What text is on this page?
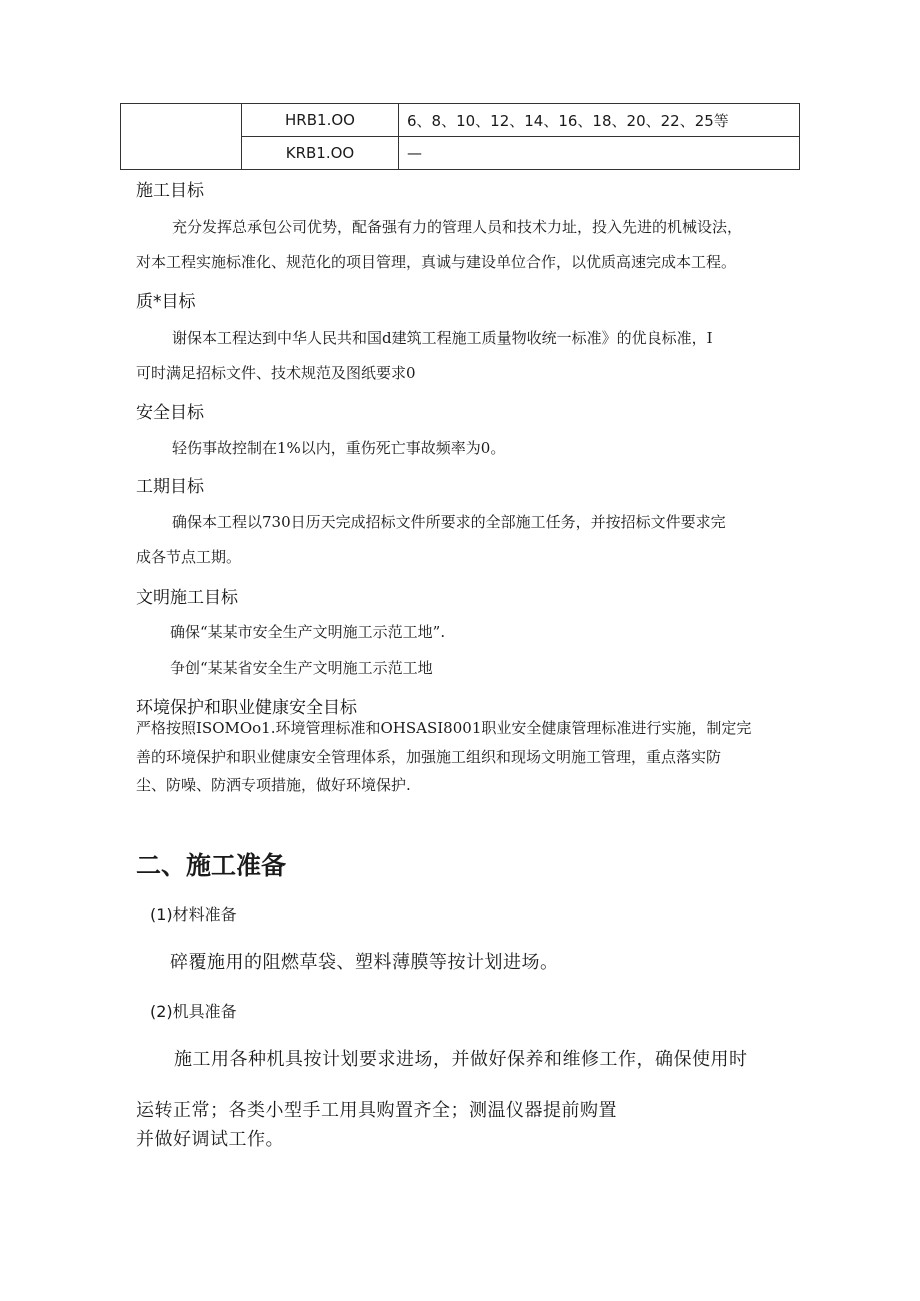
	HRB1.OO	6、8、10、12、14、16、18、20、22、25等
	KRB1.OO	—
施工目标
充分发挥总承包公司优势，配备强有力的管理人员和技术力址，投入先进的机械设法，
对本工程实施标准化、规范化的项目管理，真诚与建设单位合作，以优质高速完成本工程。
质*目标
谢保本工程达到中华人民共和国d建筑工程施工质量物收统一标准》的优良标准，I
可时满足招标文件、技术规范及图纸要求0
安全目标
轻伤事故控制在1%以内，重伤死亡事故频率为0。
工期目标
确保本工程以730日历天完成招标文件所要求的全部施工任务，并按招标文件要求完
成各节点工期。
文明施工目标
确保“某某市安全生产文明施工示范工地”.
争创“某某省安全生产文明施工示范工地
环境保护和职业健康安全目标
严格按照ISOMOo1.环境管理标准和OHSASI8001职业安全健康管理标准进行实施，制定完
善的环境保护和职业健康安全管理体系，加强施工组织和现场文明施工管理，重点落实防
尘、防噪、防洒专项措施，做好环境保护.
二、施工准备
(1)材料准备
碎覆施用的阻燃草袋、塑料薄膜等按计划进场。
(2)机具准备
施工用各种机具按计划要求进场，并做好保养和维修工作，确保使用时
运转正常；各类小型手工用具购置齐全；测温仪器提前购置
并做好调试工作。
